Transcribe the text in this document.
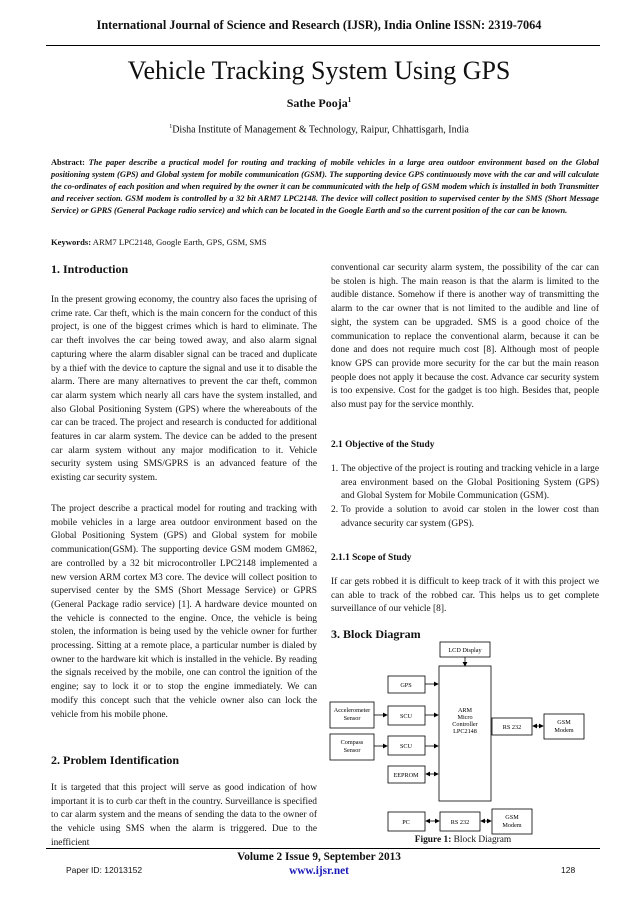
International Journal of Science and Research (IJSR), India Online ISSN: 2319-7064
Vehicle Tracking System Using GPS
Sathe Pooja$^1$
$^1$Disha Institute of Management & Technology, Raipur, Chhattisgarh, India
Abstract: The paper describe a practical model for routing and tracking of mobile vehicles in a large area outdoor environment based on the Global positioning system (GPS) and Global system for mobile communication (GSM). The supporting device GPS continuously move with the car and will calculate the co-ordinates of each position and when required by the owner it can be communicated with the help of GSM modem which is installed in both Transmitter and receiver section. GSM modem is controlled by a 32 bit ARM7 LPC2148. The device will collect position to supervised center by the SMS (Short Message Service) or GPRS (General Package radio service) and which can be located in the Google Earth and so the current position of the car can be known.
Keywords: ARM7 LPC2148, Google Earth, GPS, GSM, SMS
1. Introduction
In the present growing economy, the country also faces the uprising of crime rate. Car theft, which is the main concern for the conduct of this project, is one of the biggest crimes which is hard to eliminate. The car theft involves the car being towed away, and also alarm signal capturing where the alarm disabler signal can be traced and duplicate by a thief with the device to capture the signal and use it to disable the alarm. There are many alternatives to prevent the car theft, common car alarm system which nearly all cars have the system installed, and also Global Positioning System (GPS) where the whereabouts of the car can be traced. The project and research is conducted for additional features in car alarm system. The device can be added to the present car alarm system without any major modification to it. Vehicle security system using SMS/GPRS is an advanced feature of the existing car security system.
The project describe a practical model for routing and tracking with mobile vehicles in a large area outdoor environment based on the Global Positioning System (GPS) and Global system for mobile communication(GSM). The supporting device GSM modem GM862, are controlled by a 32 bit microcontroller LPC2148 implemented a new version ARM cortex M3 core. The device will collect position to supervised center by the SMS (Short Message Service) or GPRS (General Package radio service) [1]. A hardware device mounted on the vehicle is connected to the engine. Once, the vehicle is being stolen, the information is being used by the vehicle owner for further processing. Sitting at a remote place, a particular number is dialed by owner to the hardware kit which is installed in the vehicle. By reading the signals received by the mobile, one can control the ignition of the engine; say to lock it or to stop the engine immediately. We can modify this concept such that the vehicle owner also can lock the vehicle from his mobile phone.
2. Problem Identification
It is targeted that this project will serve as good indication of how important it is to curb car theft in the country. Surveillance is specified to car alarm system and the means of sending the data to the owner of the vehicle using SMS when the alarm is triggered. Due to the inefficient
conventional car security alarm system, the possibility of the car can be stolen is high. The main reason is that the alarm is limited to the audible distance. Somehow if there is another way of transmitting the alarm to the car owner that is not limited to the audible and line of sight, the system can be upgraded. SMS is a good choice of the communication to replace the conventional alarm, because it can be done and does not require much cost [8]. Although most of people know GPS can provide more security for the car but the main reason people does not apply it because the cost. Advance car security system is too expensive. Cost for the gadget is too high. Besides that, people also must pay for the service monthly.
2.1 Objective of the Study
1. The objective of the project is routing and tracking vehicle in a large area environment based on the Global Positioning System (GPS) and Global System for Mobile Communication (GSM).
2. To provide a solution to avoid car stolen in the lower cost than advance security car system (GPS).
2.1.1 Scope of Study
If car gets robbed it is difficult to keep track of it with this project we can able to track of the robbed car. This helps us to get complete surveillance of our vehicle [8].
3. Block Diagram
LCD Display
GPS
Accelerometer
Sensor	SCU
ARM
Micro
Controller
LPC2148
RS 232
GSM
Modem
Compass
Sensor
SCU
EEPROM
PC	RS 232
GSM
Modem
Figure 1: Block Diagram
Volume 2 Issue 9, September 2013
www.ijsr.net
Paper ID: 12013152	128
